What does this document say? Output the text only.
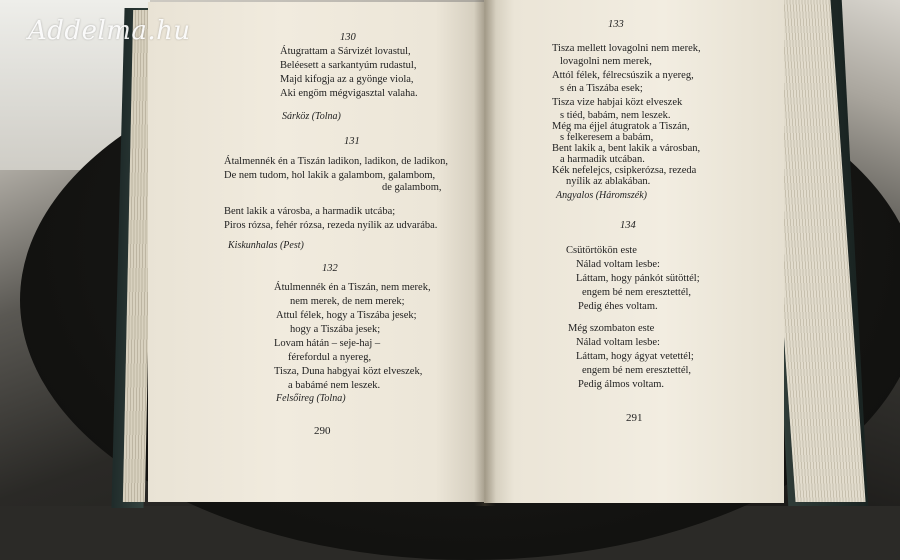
130
Átugrattam a Sárvizét lovastul,
Beléesett a sarkantyúm rudastul,
Majd kifogja az a gyönge viola,
Aki engöm mégvigasztal valaha.
Sárköz (Tolna)
131
Átalmennék én a Tiszán ladikon, ladikon, de ladikon,
De nem tudom, hol lakik a galambom, galambom,
de galambom,
Bent lakik a városba, a harmadik utcába;
Piros rózsa, fehér rózsa, rezeda nyílik az udvarába.
Kiskunhalas (Pest)
132
Átulmennék én a Tiszán, nem merek,
nem merek, de nem merek;
Attul félek, hogy a Tiszába jesek;
hogy a Tiszába jesek;
Lovam hátán – seje-haj –
férefordul a nyereg,
Tisza, Duna habgyai közt elveszek,
a babámé nem leszek.
Felsőireg (Tolna)
290
133
Tisza mellett lovagolni nem merek,
lovagolni nem merek,
Attól félek, félrecsúszik a nyereg,
s én a Tiszába esek;
Tisza vize habjai közt elveszek
s tiéd, babám, nem leszek.
Még ma éjjel átugratok a Tiszán,
s felkeresem a babám,
Bent lakik a, bent lakik a városban,
a harmadik utcában.
Kék nefelejcs, csipkerózsa, rezeda
nyílik az ablakában.
Angyalos (Háromszék)
134
Csütörtökön este
Nálad voltam lesbe:
Láttam, hogy pánkót sütöttél;
engem bé nem eresztettél,
Pedig éhes voltam.
Még szombaton este
Nálad voltam lesbe:
Láttam, hogy ágyat vetettél;
engem bé nem eresztettél,
Pedig álmos voltam.
291
Addelma.hu
